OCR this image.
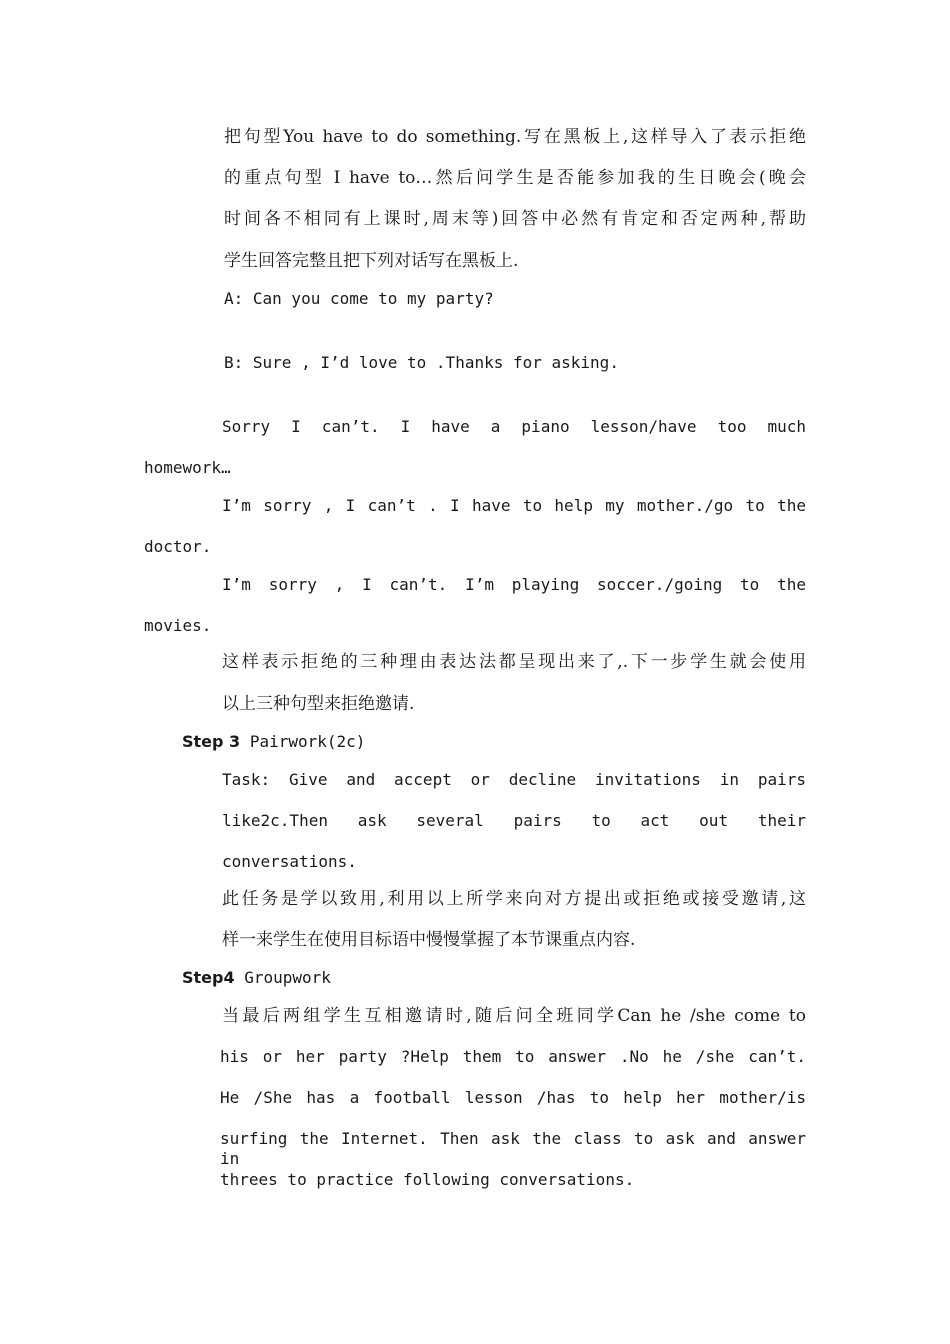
把句型You have to do something.写在黑板上,这样导入了表示拒绝
的重点句型 I have to…然后问学生是否能参加我的生日晚会(晚会
时间各不相同有上课时,周末等)回答中必然有肯定和否定两种,帮助
学生回答完整且把下列对话写在黑板上.
A: Can you come to my party?
B: Sure , I’d love to .Thanks for asking.
Sorry I can’t. I have a piano lesson/have too much
homework…
I’m sorry , I can’t . I have to help my mother./go to the
doctor.
I’m sorry , I can’t. I’m playing soccer./going to the
movies.
这样表示拒绝的三种理由表达法都呈现出来了,.下一步学生就会使用
以上三种句型来拒绝邀请.
Step 3 Pairwork(2c)
Task: Give and accept or decline invitations in pairs
like2c.Then ask several pairs to act out their
conversations.
此任务是学以致用,利用以上所学来向对方提出或拒绝或接受邀请,这
样一来学生在使用目标语中慢慢掌握了本节课重点内容.
Step4 Groupwork
当最后两组学生互相邀请时,随后问全班同学Can he /she come to
his or her party ?Help them to answer .No he /she can’t.
He /She has a football lesson /has to help her mother/is
surfing the Internet. Then ask the class to ask and answer in
threes to practice following conversations.
